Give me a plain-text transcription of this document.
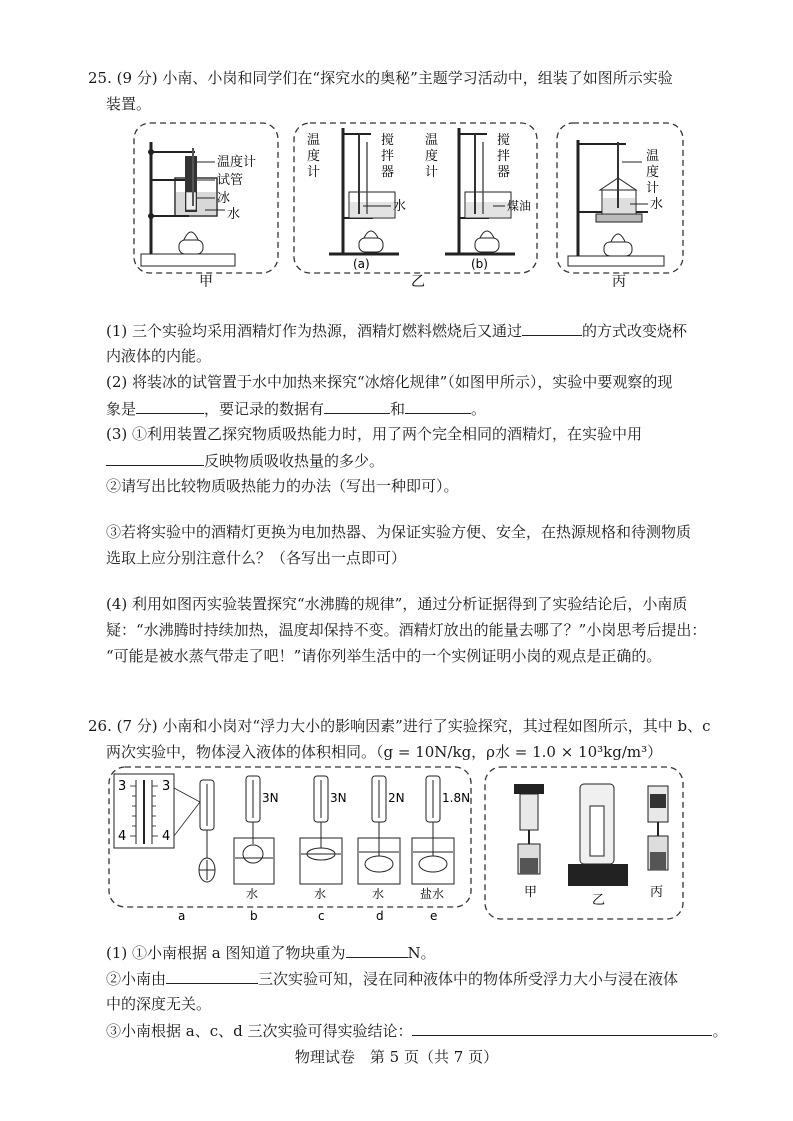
25. (9 分) 小南、小岗和同学们在“探究水的奥秘”主题学习活动中，组装了如图所示实验
装置。
温度计
试管
冰
水
甲
温
度
计
搅
拌
器
水
(a)
温
度
计
搅
拌
器
煤油
(b)
乙
温
度
计
水
丙
(1) 三个实验均采用酒精灯作为热源，酒精灯燃料燃烧后又通过	的方式改变烧杯
内液体的内能。
(2) 将装冰的试管置于水中加热来探究“冰熔化规律”（如图甲所示），实验中要观察的现
象是	，要记录的数据有	和	。
(3) ①利用装置乙探究物质吸热能力时，用了两个完全相同的酒精灯，在实验中用
反映物质吸收热量的多少。
②请写出比较物质吸热能力的办法（写出一种即可）。
③若将实验中的酒精灯更换为电加热器、为保证实验方便、安全，在热源规格和待测物质
选取上应分别注意什么？（各写出一点即可）
(4) 利用如图丙实验装置探究“水沸腾的规律”，通过分析证据得到了实验结论后，小南质
疑：“水沸腾时持续加热，温度却保持不变。酒精灯放出的能量去哪了？”小岗思考后提出：
“可能是被水蒸气带走了吧！”请你列举生活中的一个实例证明小岗的观点是正确的。
26. (7 分) 小南和小岗对“浮力大小的影响因素”进行了实验探究，其过程如图所示，其中 b、c
两次实验中，物体浸入液体的体积相同。（g = 10N/kg，ρ水 = 1.0 × 10³kg/m³）
3	3
4	4
a
3N
水
b
3N
水
c
2N
水
d
1.8N
盐水
e
甲
乙
丙
(1) ①小南根据 a 图知道了物块重为	N。
②小南由	三次实验可知，浸在同种液体中的物体所受浮力大小与浸在液体
中的深度无关。
③小南根据 a、c、d 三次实验可得实验结论：	。
物理试卷　第 5 页（共 7 页）
